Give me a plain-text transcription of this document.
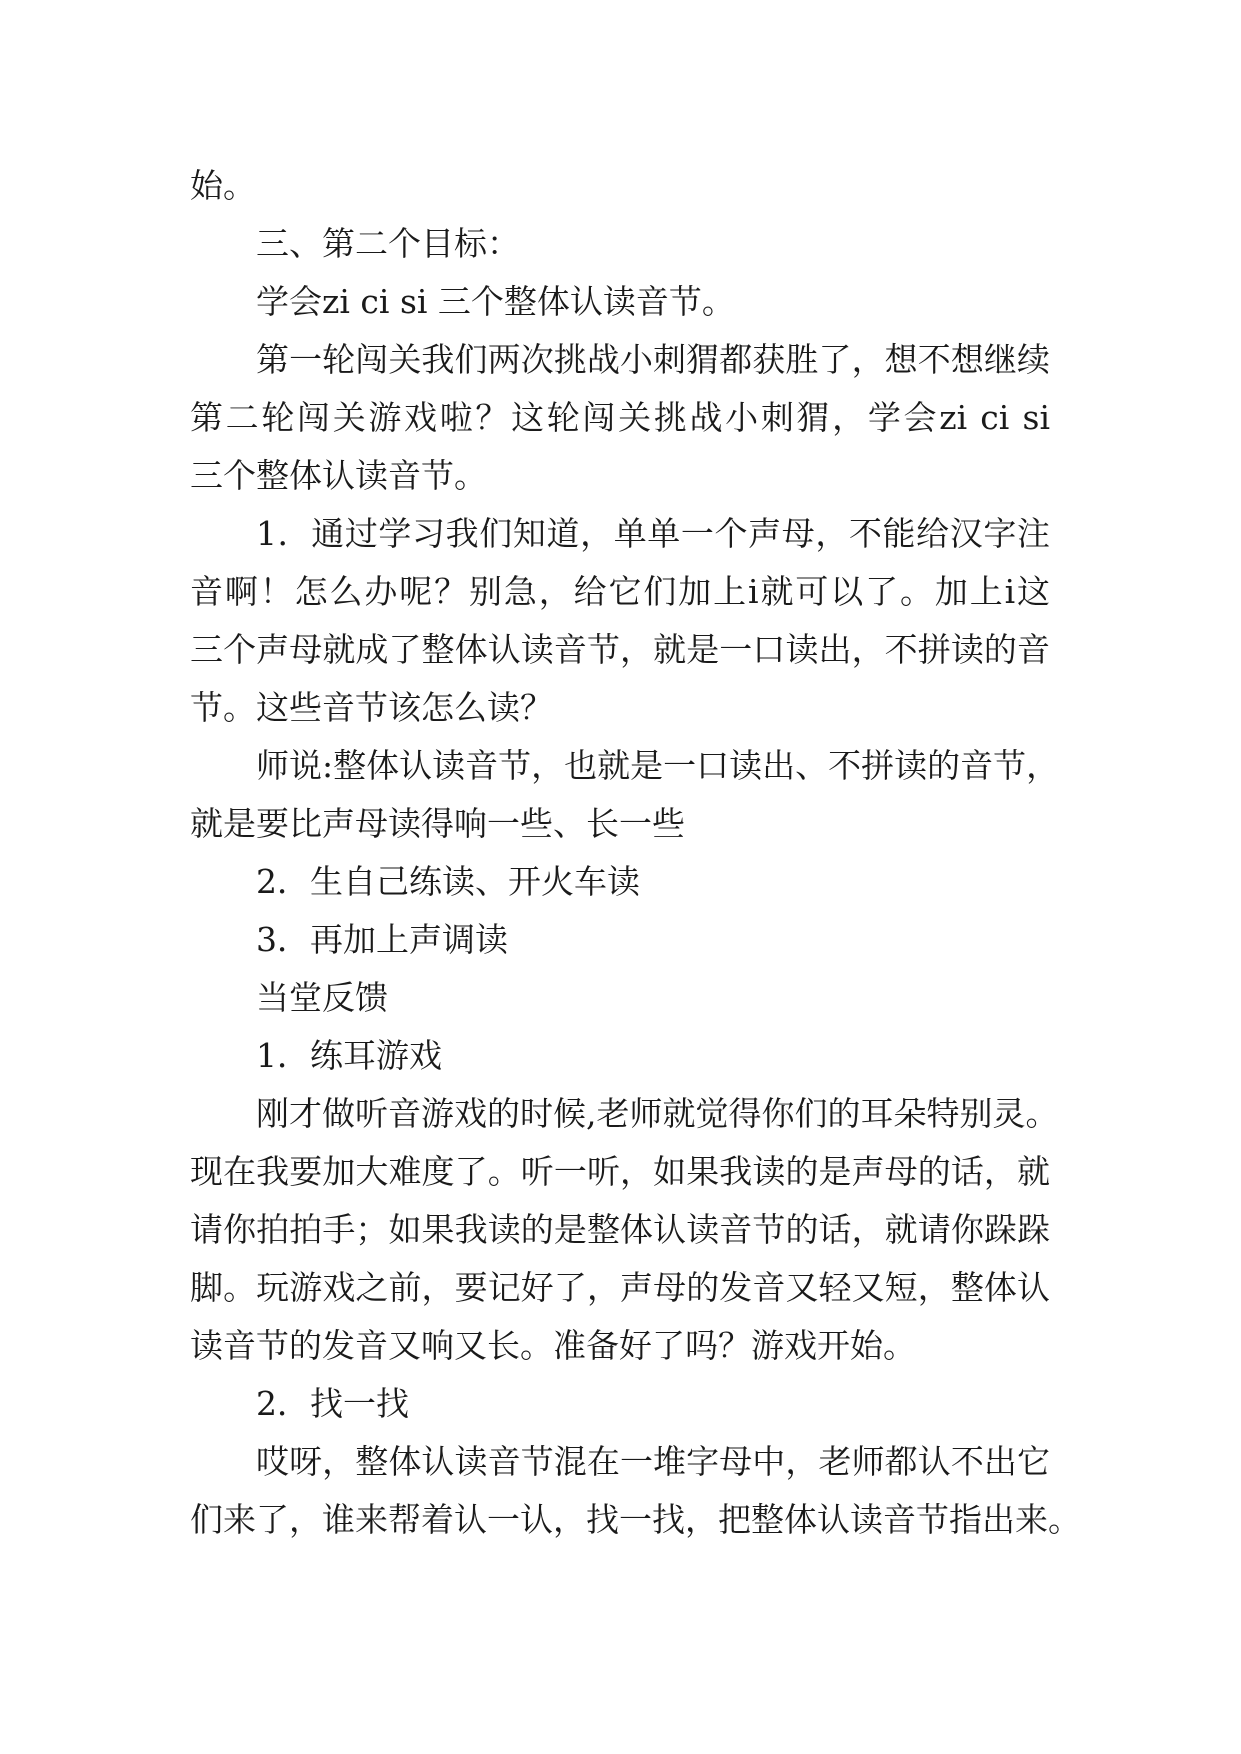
始。

三、第二个目标：

学会zi ci si 三个整体认读音节。

第一轮闯关我们两次挑战小刺猬都获胜了，想不想继续

第二轮闯关游戏啦？这轮闯关挑战小刺猬，学会zi ci si

三个整体认读音节。

1．通过学习我们知道，单单一个声母，不能给汉字注

音啊！怎么办呢？别急，给它们加上i就可以了。加上i这

三个声母就成了整体认读音节，就是一口读出，不拼读的音

节。这些音节该怎么读？

师说:整体认读音节，也就是一口读出、不拼读的音节，

就是要比声母读得响一些、长一些

2．生自己练读、开火车读

3．再加上声调读

当堂反馈

1．练耳游戏

刚才做听音游戏的时候,老师就觉得你们的耳朵特别灵。

现在我要加大难度了。听一听，如果我读的是声母的话，就

请你拍拍手；如果我读的是整体认读音节的话，就请你跺跺

脚。玩游戏之前，要记好了，声母的发音又轻又短，整体认

读音节的发音又响又长。准备好了吗？游戏开始。

2．找一找

哎呀，整体认读音节混在一堆字母中，老师都认不出它

们来了，谁来帮着认一认，找一找，把整体认读音节指出来。
